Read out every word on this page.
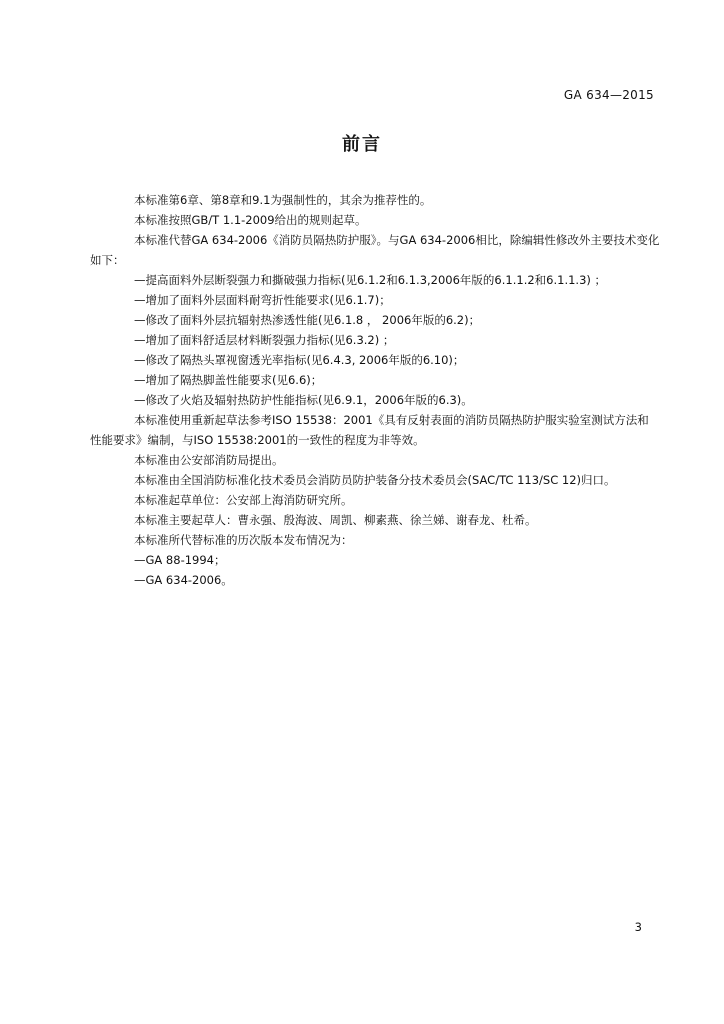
GA 634—2015
前言

本标准第6章、第8章和9.1为强制性的，其余为推荐性的。

本标准按照GB/T 1.1-2009给出的规则起草。

本标准代替GA 634-2006《消防员隔热防护服》。与GA 634-2006相比，除编辑性修改外主要技术变化如下：

—提高面料外层断裂强力和撕破强力指标(见6.1.2和6.1.3,2006年版的6.1.1.2和6.1.1.3) ；

—增加了面料外层面料耐弯折性能要求(见6.1.7)；

—修改了面料外层抗辐射热渗透性能(见6.1.8 ， 2006年版的6.2)；

—增加了面料舒适层材料断裂强力指标(见6.3.2) ；

—修改了隔热头罩视窗透光率指标(见6.4.3, 2006年版的6.10)；

—增加了隔热脚盖性能要求(见6.6)；

—修改了火焰及辐射热防护性能指标(见6.9.1，2006年版的6.3)。

本标准使用重新起草法参考ISO 15538：2001《具有反射表面的消防员隔热防护服实验室测试方法和性能要求》编制，与ISO 15538:2001的一致性的程度为非等效。

本标准由公安部消防局提出。

本标准由全国消防标准化技术委员会消防员防护装备分技术委员会(SAC/TC 113/SC 12)归口。

本标准起草单位：公安部上海消防研究所。

本标准主要起草人：曹永强、殷海波、周凯、柳素燕、徐兰娣、谢春龙、杜希。

本标准所代替标准的历次版本发布情况为：

—GA 88-1994；

—GA 634-2006。

3
